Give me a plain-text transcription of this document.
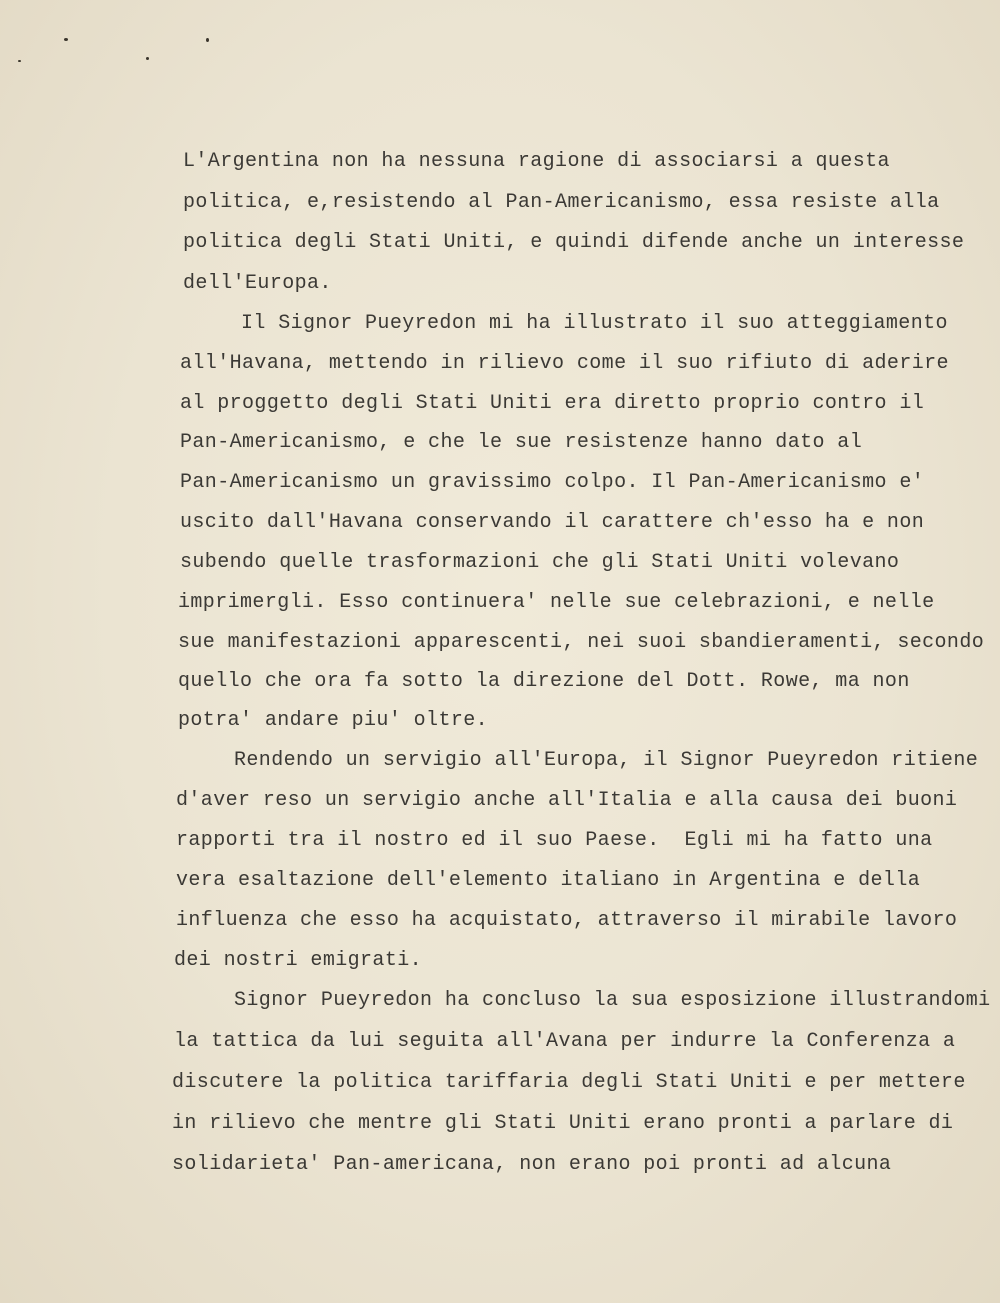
L'Argentina non ha nessuna ragione di associarsi a questa
politica, e,resistendo al Pan-Americanismo, essa resiste alla
politica degli Stati Uniti, e quindi difende anche un interesse
dell'Europa.
Il Signor Pueyredon mi ha illustrato il suo atteggiamento
all'Havana, mettendo in rilievo come il suo rifiuto di aderire
al proggetto degli Stati Uniti era diretto proprio contro il
Pan-Americanismo, e che le sue resistenze hanno dato al
Pan-Americanismo un gravissimo colpo. Il Pan-Americanismo e'
uscito dall'Havana conservando il carattere ch'esso ha e non
subendo quelle trasformazioni che gli Stati Uniti volevano
imprimergli. Esso continuera' nelle sue celebrazioni, e nelle
sue manifestazioni apparescenti, nei suoi sbandieramenti, secondo
quello che ora fa sotto la direzione del Dott. Rowe, ma non
potra' andare piu' oltre.
Rendendo un servigio all'Europa, il Signor Pueyredon ritiene
d'aver reso un servigio anche all'Italia e alla causa dei buoni
rapporti tra il nostro ed il suo Paese.  Egli mi ha fatto una
vera esaltazione dell'elemento italiano in Argentina e della
influenza che esso ha acquistato, attraverso il mirabile lavoro
dei nostri emigrati.
Signor Pueyredon ha concluso la sua esposizione illustrandomi
la tattica da lui seguita all'Avana per indurre la Conferenza a
discutere la politica tariffaria degli Stati Uniti e per mettere
in rilievo che mentre gli Stati Uniti erano pronti a parlare di
solidarieta' Pan-americana, non erano poi pronti ad alcuna
